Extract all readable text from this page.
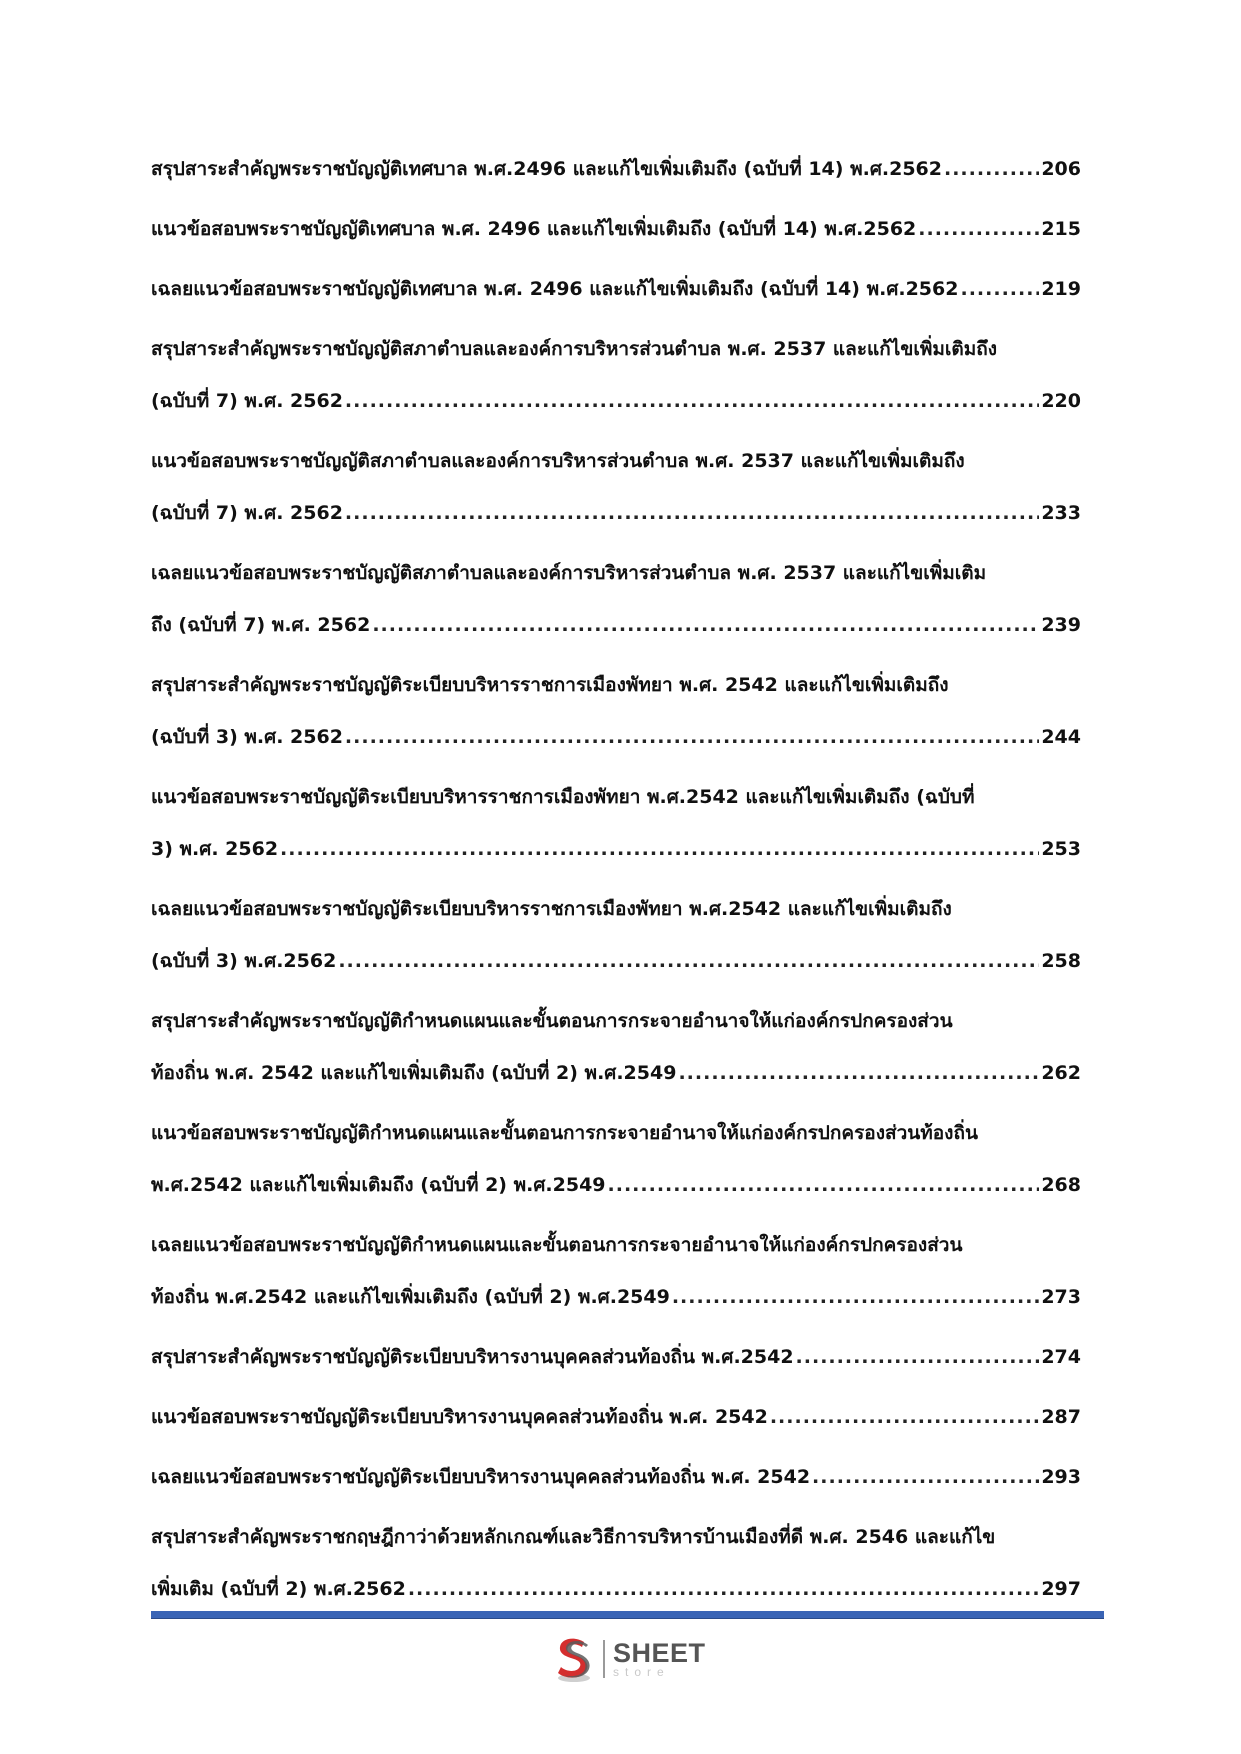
สรุปสาระสำคัญพระราชบัญญัติเทศบาล พ.ศ.2496 และแก้ไขเพิ่มเติมถึง (ฉบับที่ 14) พ.ศ.2562 .....	206
แนวข้อสอบพระราชบัญญัติเทศบาล พ.ศ. 2496 และแก้ไขเพิ่มเติมถึง (ฉบับที่ 14) พ.ศ.2562 .....	215
เฉลยแนวข้อสอบพระราชบัญญัติเทศบาล พ.ศ. 2496 และแก้ไขเพิ่มเติมถึง (ฉบับที่ 14) พ.ศ.2562 .....	219
สรุปสาระสำคัญพระราชบัญญัติสภาตำบลและองค์การบริหารส่วนตำบล พ.ศ. 2537 และแก้ไขเพิ่มเติมถึง
(ฉบับที่ 7) พ.ศ. 2562 .....	220
แนวข้อสอบพระราชบัญญัติสภาตำบลและองค์การบริหารส่วนตำบล พ.ศ. 2537 และแก้ไขเพิ่มเติมถึง
(ฉบับที่ 7) พ.ศ. 2562 .....	233
เฉลยแนวข้อสอบพระราชบัญญัติสภาตำบลและองค์การบริหารส่วนตำบล พ.ศ. 2537 และแก้ไขเพิ่มเติม
ถึง (ฉบับที่ 7) พ.ศ. 2562 .....	239
สรุปสาระสำคัญพระราชบัญญัติระเบียบบริหารราชการเมืองพัทยา พ.ศ. 2542 และแก้ไขเพิ่มเติมถึง
(ฉบับที่ 3) พ.ศ. 2562 .....	244
แนวข้อสอบพระราชบัญญัติระเบียบบริหารราชการเมืองพัทยา พ.ศ.2542 และแก้ไขเพิ่มเติมถึง (ฉบับที่
3) พ.ศ. 2562 .....	253
เฉลยแนวข้อสอบพระราชบัญญัติระเบียบบริหารราชการเมืองพัทยา พ.ศ.2542 และแก้ไขเพิ่มเติมถึง
(ฉบับที่ 3) พ.ศ.2562 .....	258
สรุปสาระสำคัญพระราชบัญญัติกำหนดแผนและขั้นตอนการกระจายอำนาจให้แก่องค์กรปกครองส่วน
ท้องถิ่น พ.ศ. 2542 และแก้ไขเพิ่มเติมถึง (ฉบับที่ 2) พ.ศ.2549 .....	262
แนวข้อสอบพระราชบัญญัติกำหนดแผนและขั้นตอนการกระจายอำนาจให้แก่องค์กรปกครองส่วนท้องถิ่น
พ.ศ.2542 และแก้ไขเพิ่มเติมถึง (ฉบับที่ 2) พ.ศ.2549 .....	268
เฉลยแนวข้อสอบพระราชบัญญัติกำหนดแผนและขั้นตอนการกระจายอำนาจให้แก่องค์กรปกครองส่วน
ท้องถิ่น พ.ศ.2542 และแก้ไขเพิ่มเติมถึง (ฉบับที่ 2) พ.ศ.2549 .....	273
สรุปสาระสำคัญพระราชบัญญัติระเบียบบริหารงานบุคคลส่วนท้องถิ่น พ.ศ.2542 .....	274
แนวข้อสอบพระราชบัญญัติระเบียบบริหารงานบุคคลส่วนท้องถิ่น พ.ศ. 2542 .....	287
เฉลยแนวข้อสอบพระราชบัญญัติระเบียบบริหารงานบุคคลส่วนท้องถิ่น พ.ศ. 2542 .....	293
สรุปสาระสำคัญพระราชกฤษฎีกาว่าด้วยหลักเกณฑ์และวิธีการบริหารบ้านเมืองที่ดี พ.ศ. 2546 และแก้ไข
เพิ่มเติม (ฉบับที่ 2) พ.ศ.2562 .....	297
SHEET
store
